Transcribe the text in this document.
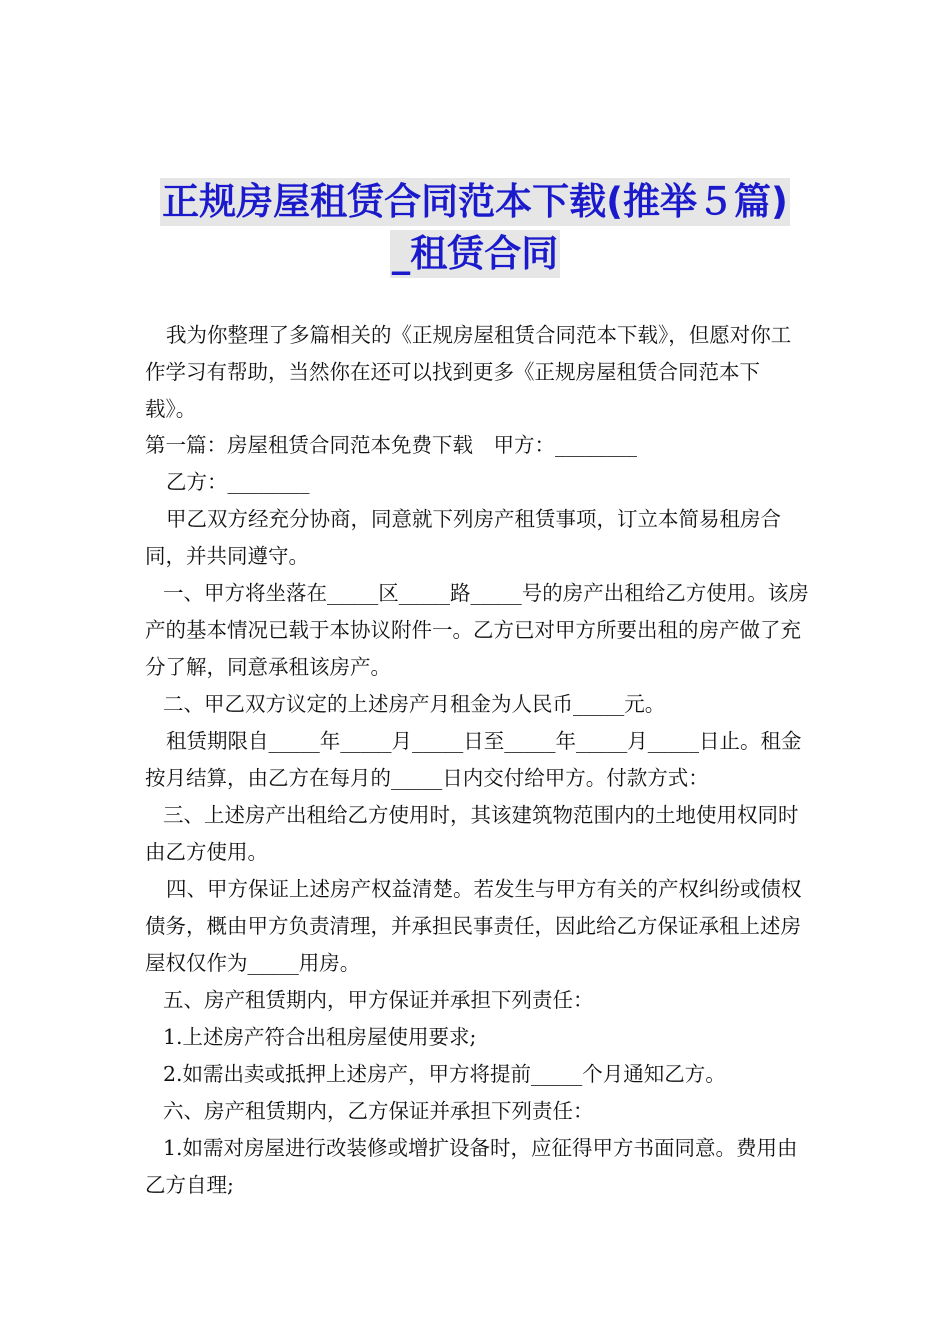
正规房屋租赁合同范本下载(推举５篇)
_租赁合同

我为你整理了多篇相关的《正规房屋租赁合同范本下载》，但愿对你工作学习有帮助，当然你在还可以找到更多《正规房屋租赁合同范本下载》。

第一篇：房屋租赁合同范本免费下载　甲方：________

乙方：________

甲乙双方经充分协商，同意就下列房产租赁事项，订立本简易租房合同，并共同遵守。

一、甲方将坐落在_____区_____路_____号的房产出租给乙方使用。该房产的基本情况已载于本协议附件一。乙方已对甲方所要出租的房产做了充分了解，同意承租该房产。

二、甲乙双方议定的上述房产月租金为人民币_____元。

租赁期限自_____年_____月_____日至_____年_____月_____日止。租金按月结算，由乙方在每月的_____日内交付给甲方。付款方式：

三、上述房产出租给乙方使用时，其该建筑物范围内的土地使用权同时由乙方使用。

四、甲方保证上述房产权益清楚。若发生与甲方有关的产权纠纷或债权债务，概由甲方负责清理，并承担民事责任，因此给乙方保证承租上述房屋权仅作为_____用房。

五、房产租赁期内，甲方保证并承担下列责任：

1.上述房产符合出租房屋使用要求;

2.如需出卖或抵押上述房产，甲方将提前_____个月通知乙方。

六、房产租赁期内，乙方保证并承担下列责任：

1.如需对房屋进行改装修或增扩设备时，应征得甲方书面同意。费用由乙方自理;
